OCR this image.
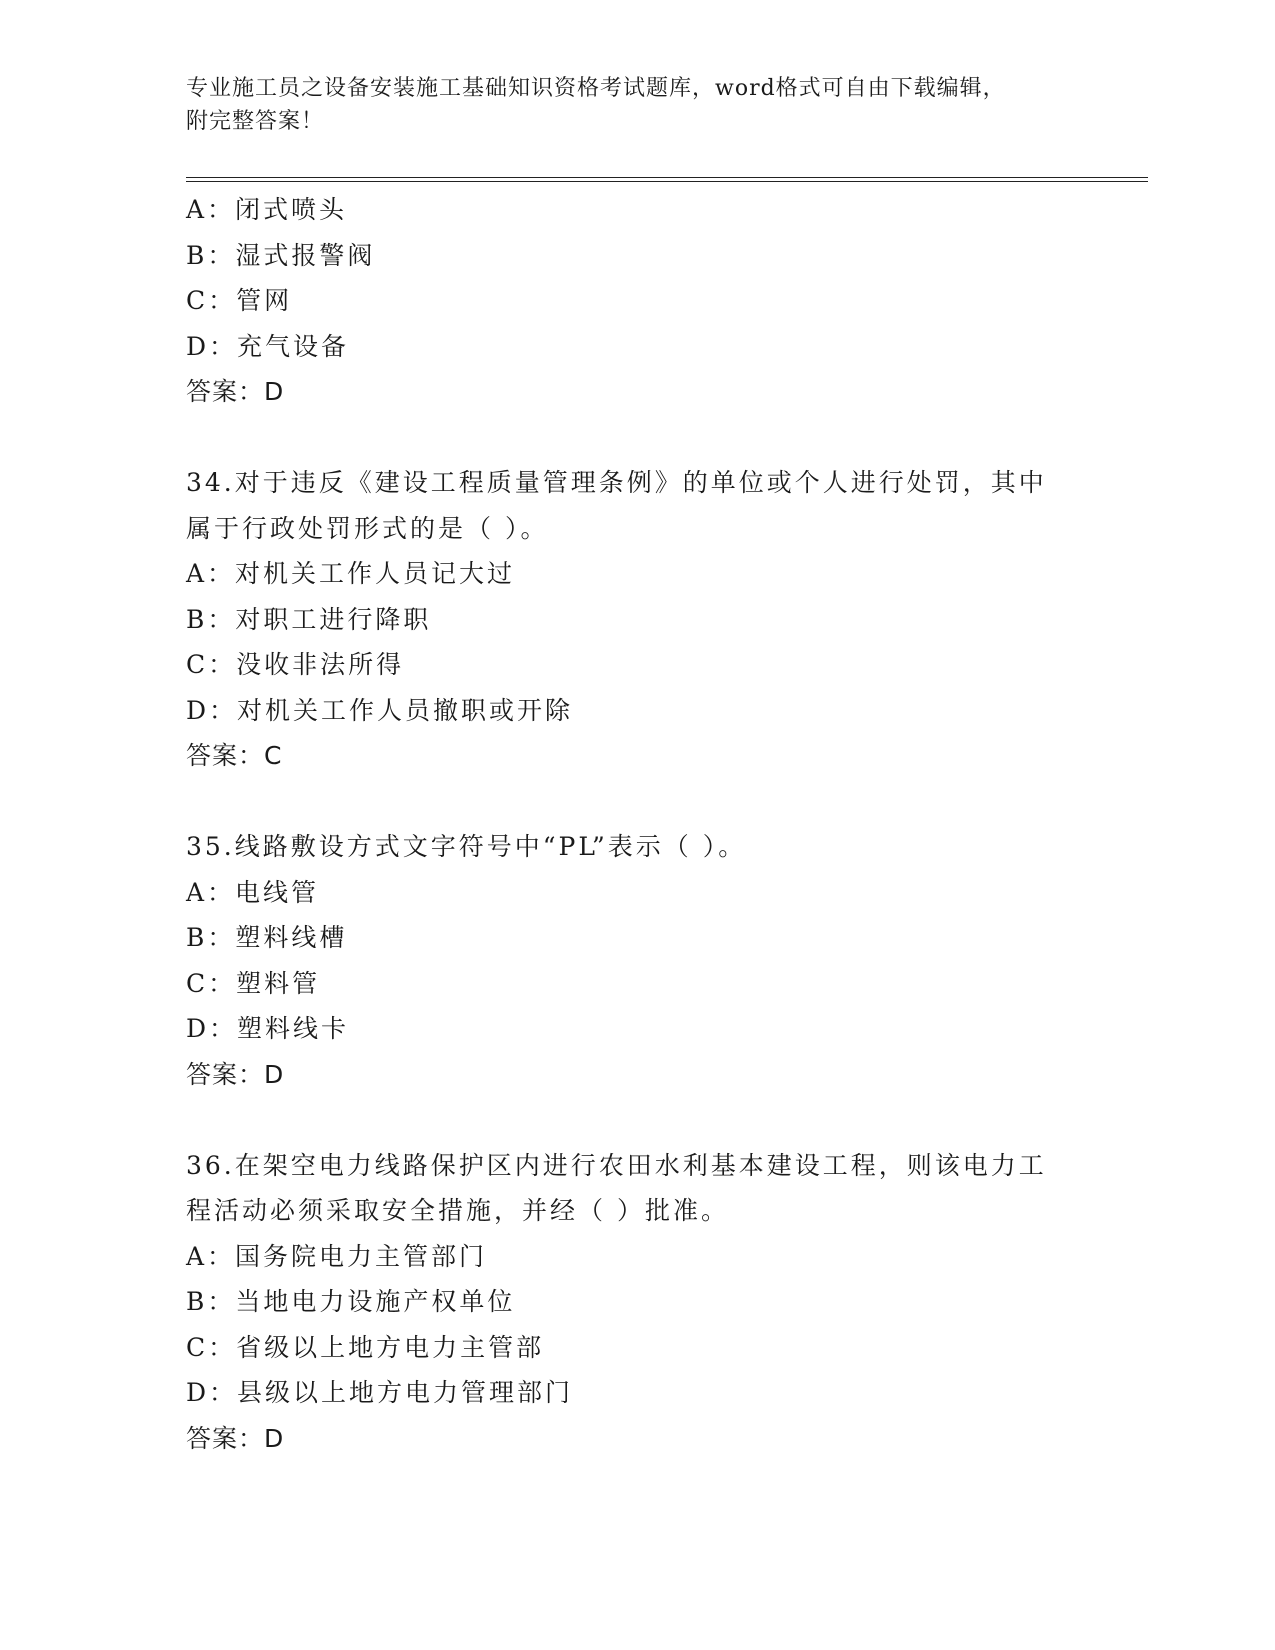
专业施工员之设备安装施工基础知识资格考试题库，word格式可自由下载编辑，
附完整答案！
A：闭式喷头
B：湿式报警阀
C：管网
D：充气设备
答案：D
34.对于违反《建设工程质量管理条例》的单位或个人进行处罚，其中
属于行政处罚形式的是（ ）。
A：对机关工作人员记大过
B：对职工进行降职
C：没收非法所得
D：对机关工作人员撤职或开除
答案：C
35.线路敷设方式文字符号中“PL”表示（ ）。
A：电线管
B：塑料线槽
C：塑料管
D：塑料线卡
答案：D
36.在架空电力线路保护区内进行农田水利基本建设工程，则该电力工
程活动必须采取安全措施，并经（ ）批准。
A：国务院电力主管部门
B：当地电力设施产权单位
C：省级以上地方电力主管部
D：县级以上地方电力管理部门
答案：D
